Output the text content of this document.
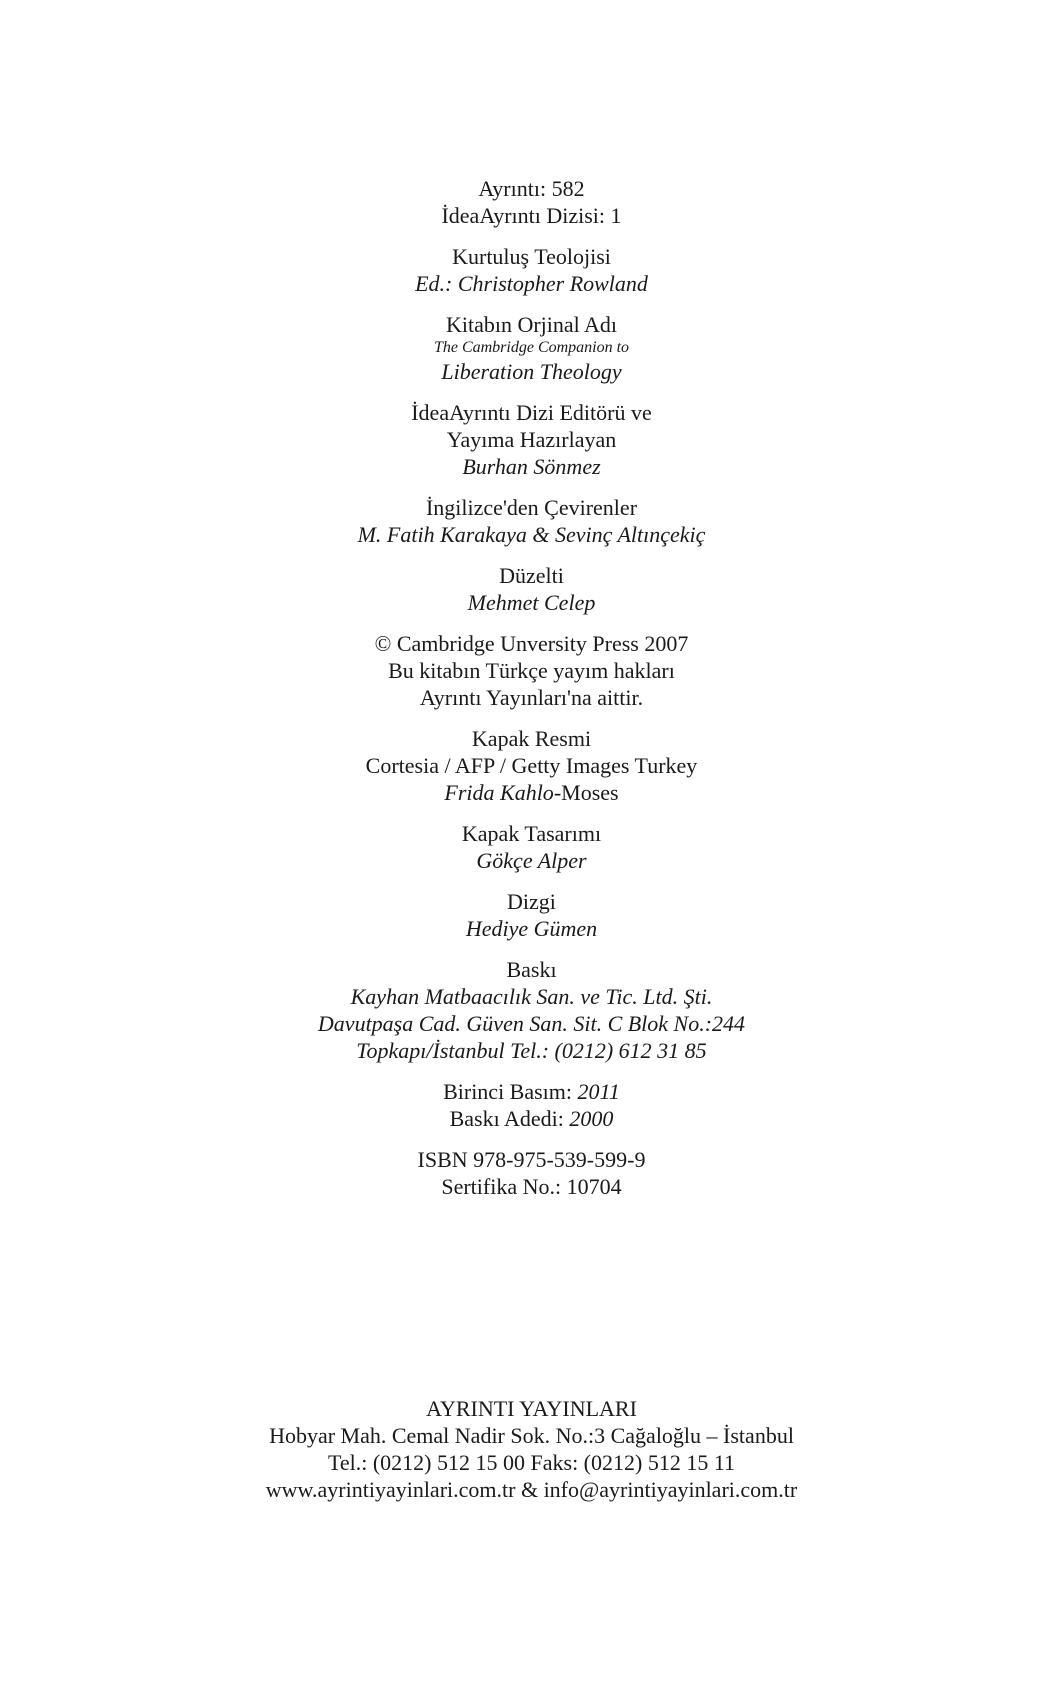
Ayrıntı: 582
İdeaAyrıntı Dizisi: 1
Kurtuluş Teolojisi
Ed.: Christopher Rowland
Kitabın Orjinal Adı
The Cambridge Companion to
Liberation Theology
İdeaAyrıntı Dizi Editörü ve
Yayıma Hazırlayan
Burhan Sönmez
İngilizce'den Çevirenler
M. Fatih Karakaya & Sevinç Altınçekiç
Düzelti
Mehmet Celep
© Cambridge Unversity Press 2007
Bu kitabın Türkçe yayım hakları
Ayrıntı Yayınları'na aittir.
Kapak Resmi
Cortesia / AFP / Getty Images Turkey
Frida Kahlo-Moses
Kapak Tasarımı
Gökçe Alper
Dizgi
Hediye Gümen
Baskı
Kayhan Matbaacılık San. ve Tic. Ltd. Şti.
Davutpaşa Cad. Güven San. Sit. C Blok No.:244
Topkapı/İstanbul Tel.: (0212) 612 31 85
Birinci Basım: 2011
Baskı Adedi: 2000
ISBN 978-975-539-599-9
Sertifika No.: 10704
AYRINTI YAYINLARI
Hobyar Mah. Cemal Nadir Sok. No.:3 Cağaloğlu – İstanbul
Tel.: (0212) 512 15 00 Faks: (0212) 512 15 11
www.ayrintiyayinlari.com.tr & info@ayrintiyayinlari.com.tr
